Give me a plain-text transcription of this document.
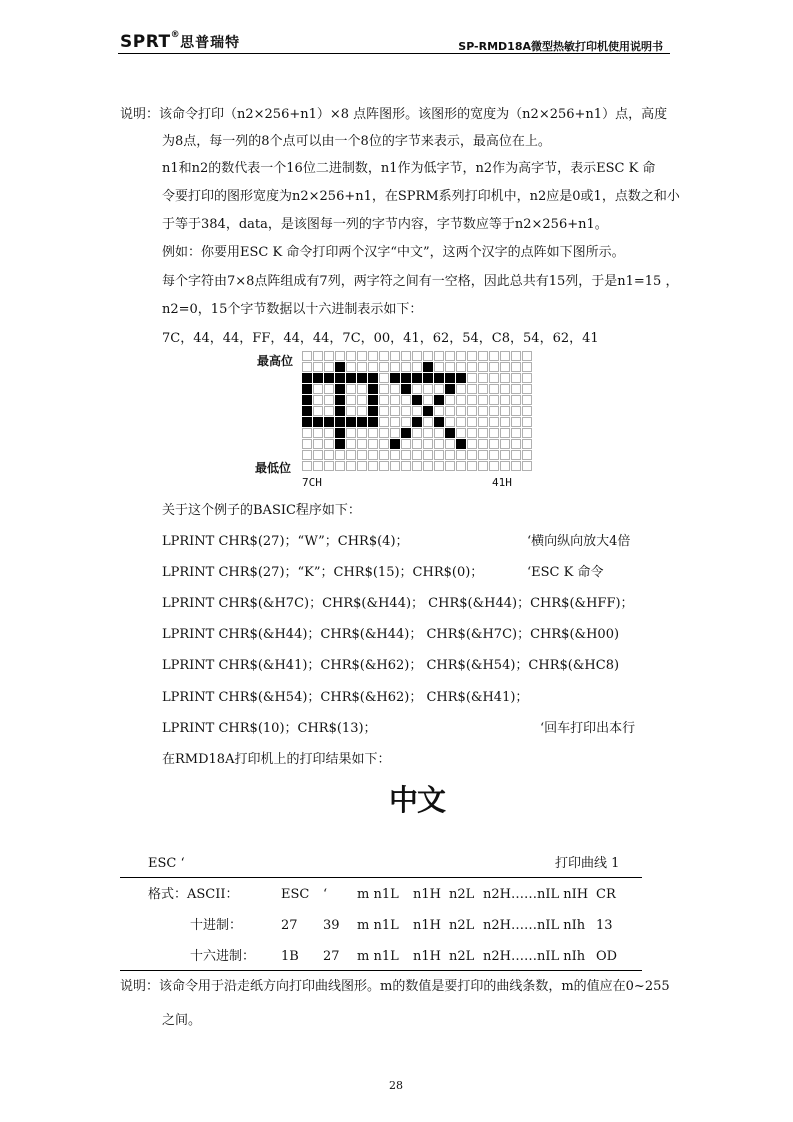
SPRT®思普瑞特	SP-RMD18A微型热敏打印机使用说明书
说明：该命令打印（n2×256+n1）×8 点阵图形。该图形的宽度为（n2×256+n1）点，高度
为8点，每一列的8个点可以由一个8位的字节来表示，最高位在上。
n1和n2的数代表一个16位二进制数，n1作为低字节，n2作为高字节，表示ESC K 命
令要打印的图形宽度为n2×256+n1，在SPRM系列打印机中，n2应是0或1，点数之和小
于等于384，data，是该图每一列的字节内容，字节数应等于n2×256+n1。
例如：你要用ESC K 命令打印两个汉字“中文”，这两个汉字的点阵如下图所示。
每个字符由7×8点阵组成有7列，两字符之间有一空格，因此总共有15列，于是n1=15 ，
n2=0，15个字节数据以十六进制表示如下：
7C，44，44，FF，44，44，7C，00，41，62，54，C8，54，62，41
最高位
最低位
7CH	41H
关于这个例子的BASIC程序如下：
LPRINT CHR$(27)；“W”；CHR$(4)；	‘横向纵向放大4倍
LPRINT CHR$(27)；“K”；CHR$(15)；CHR$(0)；	‘ESC K 命令
LPRINT CHR$(&H7C)；CHR$(&H44)； CHR$(&H44)；CHR$(&HFF)；
LPRINT CHR$(&H44)；CHR$(&H44)； CHR$(&H7C)；CHR$(&H00)
LPRINT CHR$(&H41)；CHR$(&H62)； CHR$(&H54)；CHR$(&HC8)
LPRINT CHR$(&H54)；CHR$(&H62)； CHR$(&H41)；
LPRINT CHR$(10)；CHR$(13)；	‘回车打印出本行
在RMD18A打印机上的打印结果如下：
中文
ESC ‘	打印曲线 1
格式：ASCII：	ESC ‘ m n1L n1H n2L n2H……nIL nIH CR
十进制：	27 39 m n1L n1H n2L n2H……nIL nIh 13
十六进制： 1B 27 m n1L n1H n2L n2H……nIL nIh OD
说明：该命令用于沿走纸方向打印曲线图形。m的数值是要打印的曲线条数，m的值应在0~255
之间。
28
